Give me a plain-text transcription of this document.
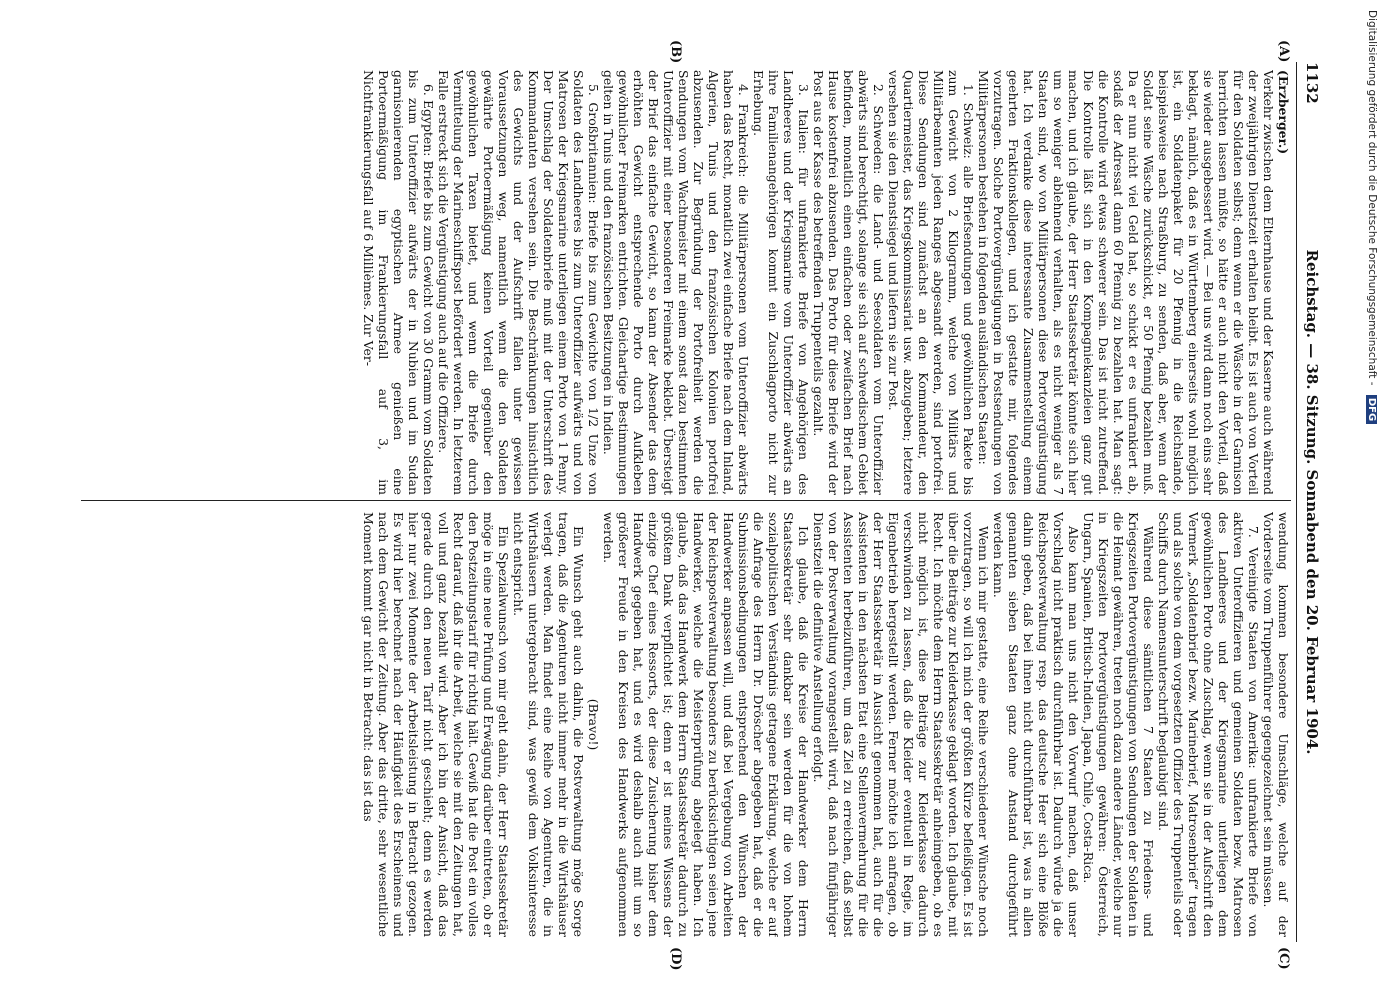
1132
Reichstag. — 38. Sitzung. Sonnabend den 20. Februar 1904.
(A)
(B)
(C)
(D)

(Erzberger.)

Verkehr zwischen dem Elternhause und der Kaserne auch während der zweijährigen Dienstzeit erhalten bleibt. Es ist auch von Vorteil für den Soldaten selbst; denn wenn er die Wäsche in der Garnison herrichten lassen müßte, so hätte er auch nicht den Vorteil, daß sie wieder ausgebessert wird. — Bei uns wird dann noch eins sehr beklagt, nämlich, daß es in Württemberg einerseits wohl möglich ist, ein Soldatenpaket für 20 Pfennig in die Reichslande, beispielsweise nach Straßburg, zu senden, daß aber, wenn der Soldat seine Wäsche zurückschickt, er 50 Pfennig bezahlen muß. Da er nun nicht viel Geld hat, so schickt er es unfrankiert ab, sodaß der Adressat dann 60 Pfennig zu bezahlen hat. Man sagt: die Kontrolle wird etwas schwerer sein. Das ist nicht zutreffend. Die Kontrolle läßt sich in den Kompagniekanzleien ganz gut machen, und ich glaube, der Herr Staatssekretär könnte sich hier um so weniger ablehnend verhalten, als es nicht weniger als 7 Staaten sind, wo von Militärpersonen diese Portovergünstigung hat. Ich verdanke diese interessante Zusammenstellung einem geehrten Fraktionskollegen, und ich gestatte mir, folgendes vorzutragen. Solche Portovergünstigungen in Postsendungen von Militärpersonen bestehen in folgenden ausländischen Staaten:

1. Schweiz: alle Briefsendungen und gewöhnlichen Pakete bis zum Gewicht von 2 Kilogramm, welche von Militärs und Militärbeamten jeden Ranges abgesandt werden, sind portofrei. Diese Sendungen sind zunächst an den Kommandeur, den Quartiermeister, das Kriegskommissariat usw. abzugeben; letztere versehen sie den Dienstsiegel und liefern sie zur Post.

2. Schweden: die Land- und Seesoldaten vom Unteroffizier abwärts sind berechtigt, solange sie sich auf schwedischem Gebiet befinden, monatlich einen einfachen oder zweifachen Brief nach Hause kostenfrei abzusenden. Das Porto für diese Briefe wird der Post aus der Kasse des betreffenden Truppenteils gezahlt.

3. Italien: für unfrankierte Briefe von Angehörigen des Landheeres und der Kriegsmarine vom Unteroffizier abwärts an ihre Familienangehörigen kommt ein Zuschlagporto nicht zur Erhebung.

4. Frankreich: die Militärpersonen vom Unteroffizier abwärts haben das Recht, monatlich zwei einfache Briefe nach dem Inland, Algerien, Tunis und den französischen Kolonien portofrei abzusenden. Zur Begründung der Portofreiheit werden die Sendungen vom Wachtmeister mit einem sonst dazu bestimmten Unteroffizier mit einer besonderen Freimarke beklebt. Übersteigt der Brief das einfache Gewicht, so kann der Absender das dem erhöhten Gewicht entsprechende Porto durch Aufkleben gewöhnlicher Freimarken entrichten. Gleichartige Bestimmungen gelten in Tunis und den französischen Besitzungen in Indien.

5. Großbritannien: Briefe bis zum Gewichte von 1/2 Unze von Soldaten des Landheeres bis zum Unteroffizier aufwärts und von Matrosen der Kriegsmarine unterliegen einem Porto von 1 Penny. Der Umschlag der Soldatenbriefe muß mit der Unterschrift des Kommandanten versehen sein. Die Beschränkungen hinsichtlich des Gewichts und der Aufschrift fallen unter gewissen Voraussetzungen weg, namentlich wenn die den Soldaten gewährte Portoermäßigung keinen Vorteil gegenüber den gewöhnlichen Taxen bietet, und wenn die Briefe durch Vermittelung der Marineschiffspost befördert werden. In letzterem Falle erstreckt sich die Vergünstigung auch auf die Offiziere.

6. Egypten: Briefe bis zum Gewicht von 30 Gramm vom Soldaten bis zum Unteroffizier aufwärts der in Nubien und im Sudan garnisonierenden egyptischen Armee genießen eine Portoermäßigung im Frankierungsfall auf 3, im Nichtfrankierungsfall auf 6 Millièmes. Zur Ver-

wendung kommen besondere Umschläge, welche auf der Vorderseite vom Truppenführer gegengezeichnet sein müssen.

7. Vereinigte Staaten von Amerika: unfrankierte Briefe von aktiven Unteroffizieren und gemeinen Soldaten bezw. Matrosen des Landheeres und der Kriegsmarine unterliegen dem gewöhnlichen Porto ohne Zuschlag, wenn sie in der Aufschrift den Vermerk „Soldatenbrief bezw. Marinebrief, Matrosenbrief“ tragen und als solche von dem vorgesetzten Offizier des Truppenteils oder Schiffs durch Namensunterschrift beglaubigt sind.

Während diese sämtlichen 7 Staaten zu Friedens- und Kriegszeiten Portovergünstigungen von Sendungen der Soldaten in die Heimat gewähren, treten noch dazu andere Länder, welche nur in Kriegszeiten Portovergünstigungen gewähren: Österreich, Ungarn, Spanien, Britisch-Indien, Japan, Chile, Costa-Rica.

Also kann man uns nicht den Vorwurf machen, daß unser Vorschlag nicht praktisch durchführbar ist. Dadurch würde ja die Reichspostverwaltung resp. das deutsche Heer sich eine Blöße dahin geben, daß bei ihnen nicht durchführbar ist, was in allen genannten sieben Staaten ganz ohne Anstand durchgeführt werden kann.

Wenn ich mir gestatte, eine Reihe verschiedener Wünsche noch vorzutragen, so will ich mich der größten Kürze befleißigen. Es ist über die Beiträge zur Kleiderkasse geklagt worden. Ich glaube, mit Recht. Ich möchte dem Herrn Staatssekretär anheimgeben, ob es nicht möglich ist, diese Beiträge zur Kleiderkasse dadurch verschwinden zu lassen, daß die Kleider eventuell in Regie, im Eigenbetrieb hergestellt werden. Ferner möchte ich anfragen, ob der Herr Staatssekretär in Aussicht genommen hat, auch für die Assistenten in den nächsten Etat eine Stellenvermehrung für die Assistenten herbeizuführen, um das Ziel zu erreichen, daß selbst von der Postverwaltung vorangestellt wird, daß nach fünfjähriger Dienstzeit die definitive Anstellung erfolgt.

Ich glaube, daß die Kreise der Handwerker dem Herrn Staatssekretär sehr dankbar sein werden für die von hohem sozialpolitischen Verständnis getragene Erklärung, welche er auf die Anfrage des Herrn Dr. Dröscher abgegeben hat, daß er die Submissionsbedingungen entsprechend den Wünschen der Handwerker anpassen will, und daß bei Vergebung von Arbeiten der Reichspostverwaltung besonders zu berücksichtigen seien jene Handwerker, welche die Meisterprüfung abgelegt haben. Ich glaube, daß das Handwerk dem Herrn Staatssekretär dadurch zu größtem Dank verpflichtet ist; denn er ist meines Wissens der einzige Chef eines Ressorts, der diese Zusicherung bisher dem Handwerk gegeben hat, und es wird deshalb auch mit um so größerer Freude in den Kreisen des Handwerks aufgenommen werden.

(Bravo!)

Ein Wunsch geht auch dahin, die Postverwaltung möge Sorge tragen, daß die Agenturen nicht immer mehr in die Wirtshäuser verlegt werden. Man findet eine Reihe von Agenturen, die in Wirtshäusern untergebracht sind, was gewiß dem Volksinteresse nicht entspricht.

Ein Spezialwunsch von mir geht dahin, der Herr Staatssekretär möge in eine neue Prüfung und Erwägung darüber eintreten, ob er den Postzeitungstarif für richtig hält. Gewiß hat die Post ein volles Recht darauf, daß ihr die Arbeit, welche sie mit den Zeitungen hat, voll und ganz bezahlt wird. Aber ich bin der Ansicht, daß das gerade durch den neuen Tarif nicht geschieht; denn es werden hier nur zwei Momente der Arbeitsleistung in Betracht gezogen. Es wird hier berechnet nach der Häufigkeit des Erscheinens und nach dem Gewicht der Zeitung. Aber das dritte, sehr wesentliche Moment kommt gar nicht in Betracht: das ist das

Digitalisierung gefördert durch die Deutsche Forschungsgemeinschaft - DFG
